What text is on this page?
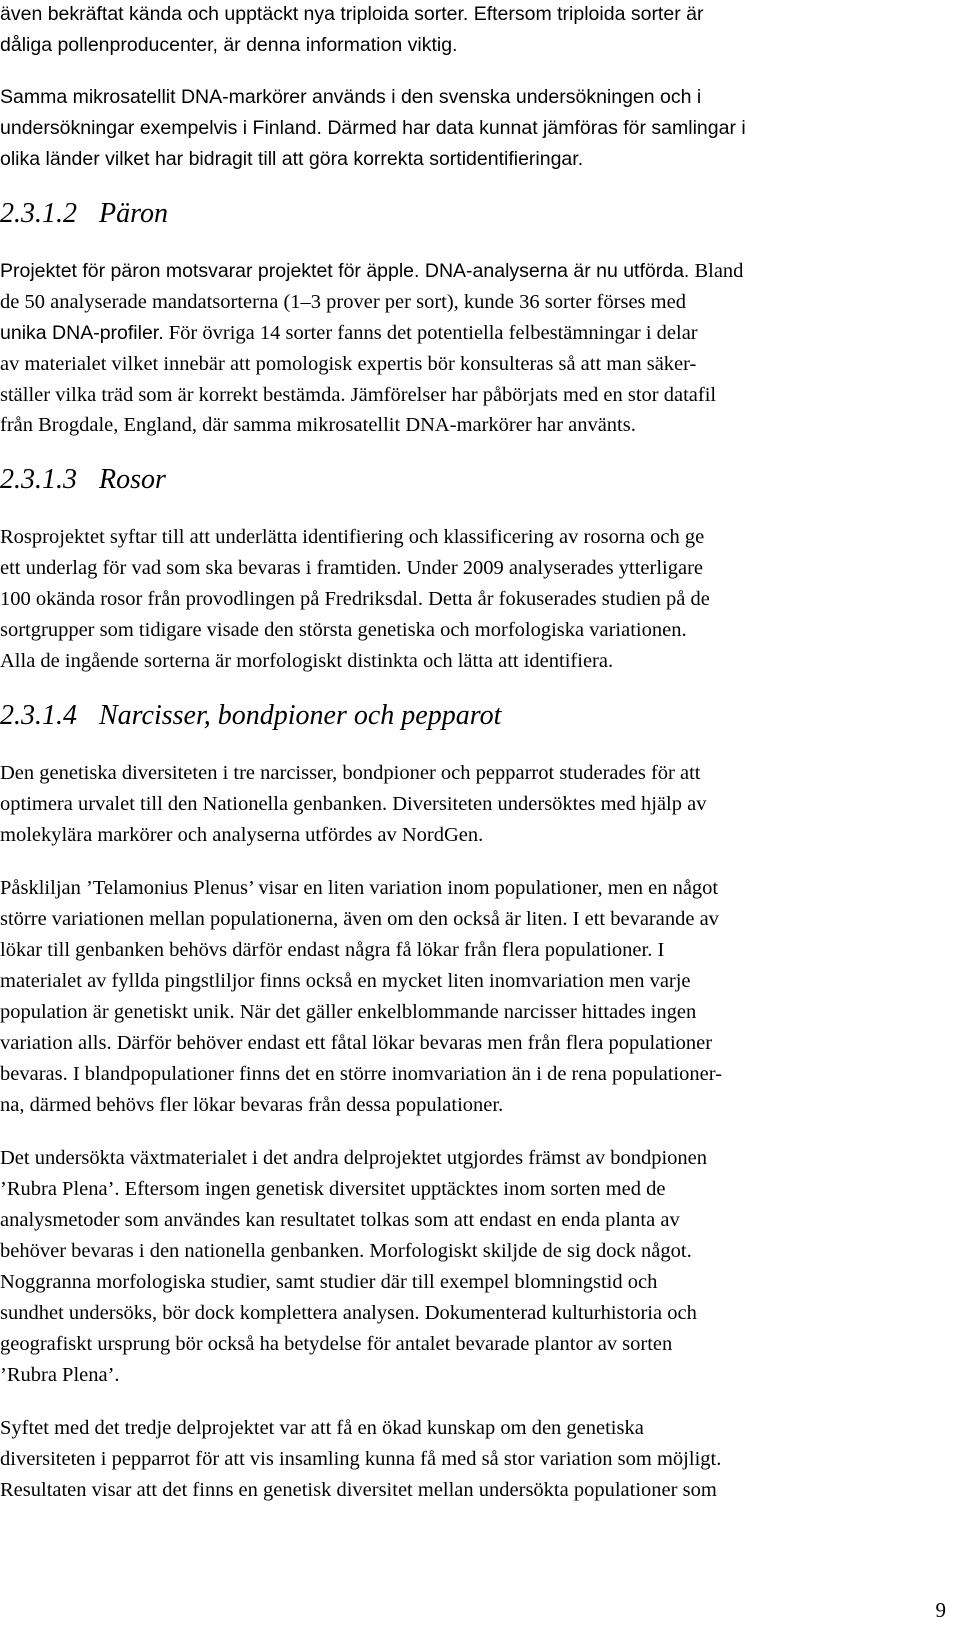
även bekräftat kända och upptäckt nya triploida sorter. Eftersom triploida sorter är
dåliga pollenproducenter, är denna information viktig.
Samma mikrosatellit DNA-markörer används i den svenska undersökningen och i
undersökningar exempelvis i Finland. Därmed har data kunnat jämföras för samlingar i
olika länder vilket har bidragit till att göra korrekta sortidentifieringar.
2.3.1.2 Päron
Projektet för päron motsvarar projektet för äpple. DNA-analyserna är nu utförda. Bland
de 50 analyserade mandatsorterna (1–3 prover per sort), kunde 36 sorter förses med
unika DNA-profiler. För övriga 14 sorter fanns det potentiella felbestämningar i delar
av materialet vilket innebär att pomologisk expertis bör konsulteras så att man säker-
ställer vilka träd som är korrekt bestämda. Jämförelser har påbörjats med en stor datafil
från Brogdale, England, där samma mikrosatellit DNA-markörer har använts.
2.3.1.3 Rosor
Rosprojektet syftar till att underlätta identifiering och klassificering av rosorna och ge
ett underlag för vad som ska bevaras i framtiden. Under 2009 analyserades ytterligare
100 okända rosor från provodlingen på Fredriksdal. Detta år fokuserades studien på de
sortgrupper som tidigare visade den största genetiska och morfologiska variationen.
Alla de ingående sorterna är morfologiskt distinkta och lätta att identifiera.
2.3.1.4 Narcisser, bondpioner och pepparot
Den genetiska diversiteten i tre narcisser, bondpioner och pepparrot studerades för att
optimera urvalet till den Nationella genbanken. Diversiteten undersöktes med hjälp av
molekylära markörer och analyserna utfördes av NordGen.
Påskliljan ’Telamonius Plenus’ visar en liten variation inom populationer, men en något
större variationen mellan populationerna, även om den också är liten. I ett bevarande av
lökar till genbanken behövs därför endast några få lökar från flera populationer. I
materialet av fyllda pingstliljor finns också en mycket liten inomvariation men varje
population är genetiskt unik. När det gäller enkelblommande narcisser hittades ingen
variation alls. Därför behöver endast ett fåtal lökar bevaras men från flera populationer
bevaras. I blandpopulationer finns det en större inomvariation än i de rena populationer-
na, därmed behövs fler lökar bevaras från dessa populationer.
Det undersökta växtmaterialet i det andra delprojektet utgjordes främst av bondpionen
’Rubra Plena’. Eftersom ingen genetisk diversitet upptäcktes inom sorten med de
analysmetoder som användes kan resultatet tolkas som att endast en enda planta av
behöver bevaras i den nationella genbanken. Morfologiskt skiljde de sig dock något.
Noggranna morfologiska studier, samt studier där till exempel blomningstid och
sundhet undersöks, bör dock komplettera analysen. Dokumenterad kulturhistoria och
geografiskt ursprung bör också ha betydelse för antalet bevarade plantor av sorten
’Rubra Plena’.
Syftet med det tredje delprojektet var att få en ökad kunskap om den genetiska
diversiteten i pepparrot för att vis insamling kunna få med så stor variation som möjligt.
Resultaten visar att det finns en genetisk diversitet mellan undersökta populationer som
9
